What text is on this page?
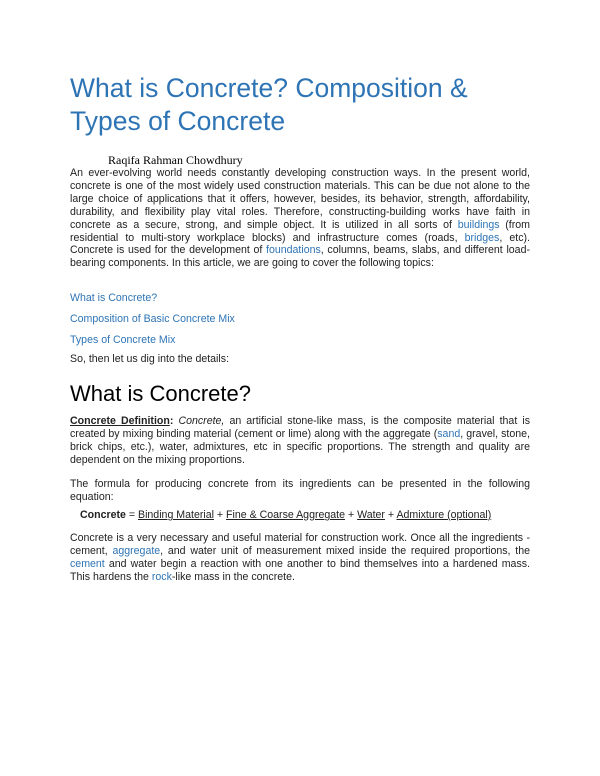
What is Concrete? Composition & Types of Concrete
Raqifa Rahman Chowdhury

An ever-evolving world needs constantly developing construction ways. In the present world, concrete is one of the most widely used construction materials. This can be due not alone to the large choice of applications that it offers, however, besides, its behavior, strength, affordability, durability, and flexibility play vital roles. Therefore, constructing-building works have faith in concrete as a secure, strong, and simple object. It is utilized in all sorts of buildings (from residential to multi-story workplace blocks) and infrastructure comes (roads, bridges, etc). Concrete is used for the development of foundations, columns, beams, slabs, and different load-bearing components. In this article, we are going to cover the following topics:

What is Concrete?
Composition of Basic Concrete Mix
Types of Concrete Mix
So, then let us dig into the details:
What is Concrete?

Concrete Definition: Concrete, an artificial stone-like mass, is the composite material that is created by mixing binding material (cement or lime) along with the aggregate (sand, gravel, stone, brick chips, etc.), water, admixtures, etc in specific proportions. The strength and quality are dependent on the mixing proportions.

The formula for producing concrete from its ingredients can be presented in the following equation:

Concrete = Binding Material + Fine & Coarse Aggregate + Water + Admixture (optional)

Concrete is a very necessary and useful material for construction work. Once all the ingredients -cement, aggregate, and water unit of measurement mixed inside the required proportions, the cement and water begin a reaction with one another to bind themselves into a hardened mass. This hardens the rock-like mass in the concrete.
